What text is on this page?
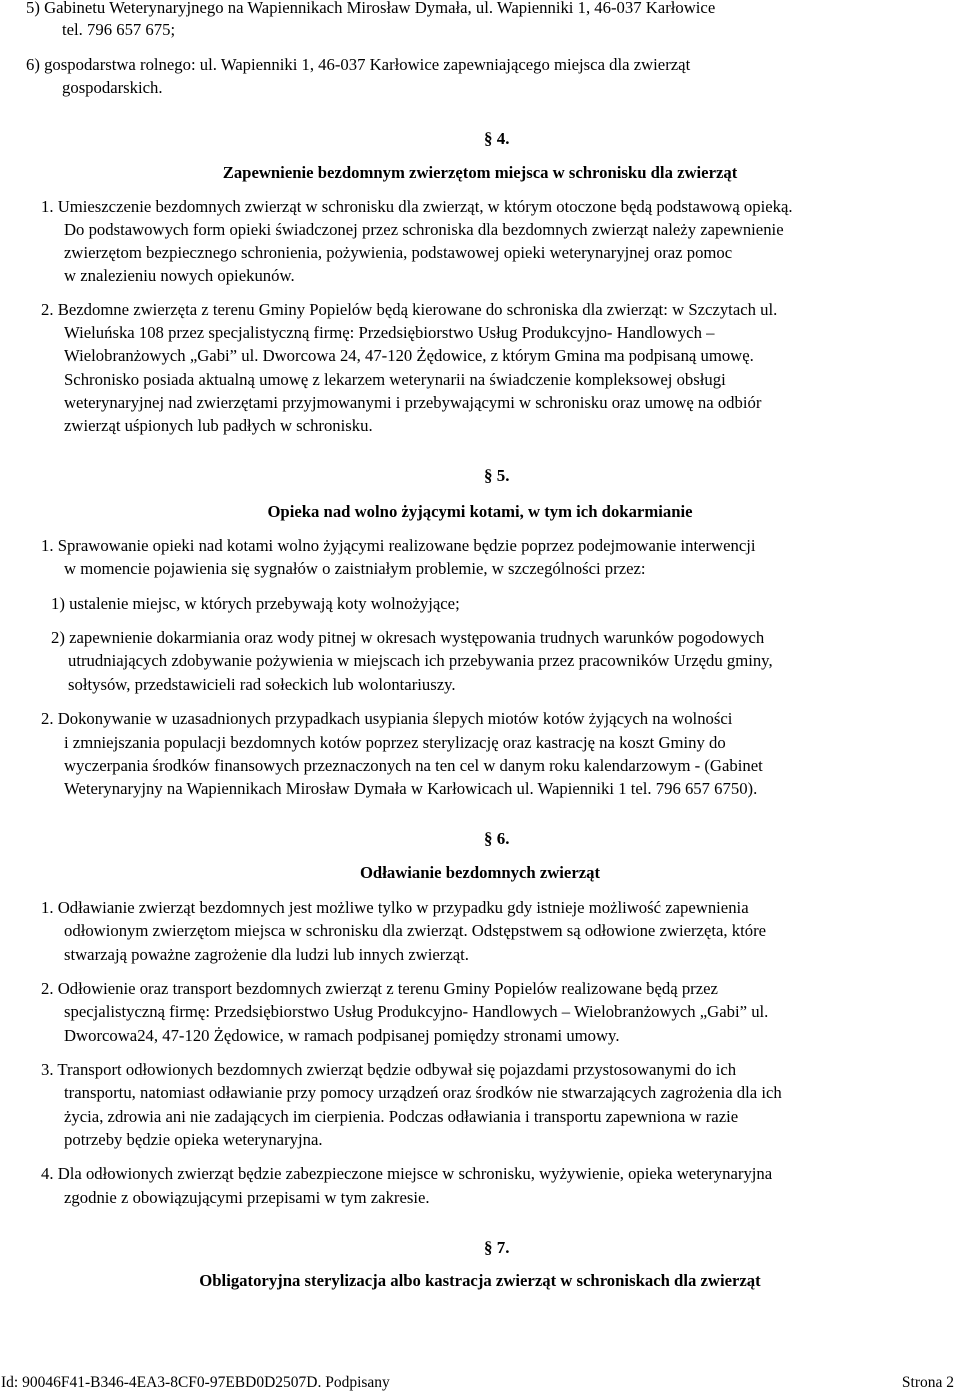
5) Gabinetu Weterynaryjnego na Wapiennikach Mirosław Dymała, ul. Wapienniki 1, 46-037 Karłowice
tel. 796 657 675;
6) gospodarstwa rolnego: ul. Wapienniki 1, 46-037 Karłowice zapewniającego miejsca dla zwierząt
gospodarskich.
§ 4.
Zapewnienie bezdomnym zwierzętom miejsca w schronisku dla zwierząt
1. Umieszczenie bezdomnych zwierząt w schronisku dla zwierząt, w którym otoczone będą podstawową opieką.
Do podstawowych form opieki świadczonej przez schroniska dla bezdomnych zwierząt należy zapewnienie
zwierzętom bezpiecznego schronienia, pożywienia, podstawowej opieki weterynaryjnej oraz pomoc
w znalezieniu nowych opiekunów.
2. Bezdomne zwierzęta z terenu Gminy Popielów będą kierowane do schroniska dla zwierząt: w Szczytach ul.
Wieluńska 108 przez specjalistyczną firmę: Przedsiębiorstwo Usług Produkcyjno- Handlowych –
Wielobranżowych „Gabi” ul. Dworcowa 24, 47-120 Żędowice, z którym Gmina ma podpisaną umowę.
Schronisko posiada aktualną umowę z lekarzem weterynarii na świadczenie kompleksowej obsługi
weterynaryjnej nad zwierzętami przyjmowanymi i przebywającymi w schronisku oraz umowę na odbiór
zwierząt uśpionych lub padłych w schronisku.
§ 5.
Opieka nad wolno żyjącymi kotami, w tym ich dokarmianie
1. Sprawowanie opieki nad kotami wolno żyjącymi realizowane będzie poprzez podejmowanie interwencji
w momencie pojawienia się sygnałów o zaistniałym problemie, w szczególności przez:
1) ustalenie miejsc, w których przebywają koty wolnożyjące;
2) zapewnienie dokarmiania oraz wody pitnej w okresach występowania trudnych warunków pogodowych
utrudniających zdobywanie pożywienia w miejscach ich przebywania przez pracowników Urzędu gminy,
sołtysów, przedstawicieli rad sołeckich lub wolontariuszy.
2. Dokonywanie w uzasadnionych przypadkach usypiania ślepych miotów kotów żyjących na wolności
i zmniejszania populacji bezdomnych kotów poprzez sterylizację oraz kastrację na koszt Gminy do
wyczerpania środków finansowych przeznaczonych na ten cel w danym roku kalendarzowym - (Gabinet
Weterynaryjny na Wapiennikach Mirosław Dymała w Karłowicach ul. Wapienniki 1 tel. 796 657 6750).
§ 6.
Odławianie bezdomnych zwierząt
1. Odławianie zwierząt bezdomnych jest możliwe tylko w przypadku gdy istnieje możliwość zapewnienia
odłowionym zwierzętom miejsca w schronisku dla zwierząt. Odstępstwem są odłowione zwierzęta, które
stwarzają poważne zagrożenie dla ludzi lub innych zwierząt.
2. Odłowienie oraz transport bezdomnych zwierząt z terenu Gminy Popielów realizowane będą przez
specjalistyczną firmę: Przedsiębiorstwo Usług Produkcyjno- Handlowych – Wielobranżowych „Gabi” ul.
Dworcowa24, 47-120 Żędowice, w ramach podpisanej pomiędzy stronami umowy.
3. Transport odłowionych bezdomnych zwierząt będzie odbywał się pojazdami przystosowanymi do ich
transportu, natomiast odławianie przy pomocy urządzeń oraz środków nie stwarzających zagrożenia dla ich
życia, zdrowia ani nie zadających im cierpienia. Podczas odławiania i transportu zapewniona w razie
potrzeby będzie opieka weterynaryjna.
4. Dla odłowionych zwierząt będzie zabezpieczone miejsce w schronisku, wyżywienie, opieka weterynaryjna
zgodnie z obowiązującymi przepisami w tym zakresie.
§ 7.
Obligatoryjna sterylizacja albo kastracja zwierząt w schroniskach dla zwierząt
Id: 90046F41-B346-4EA3-8CF0-97EBD0D2507D. Podpisany	Strona 2
